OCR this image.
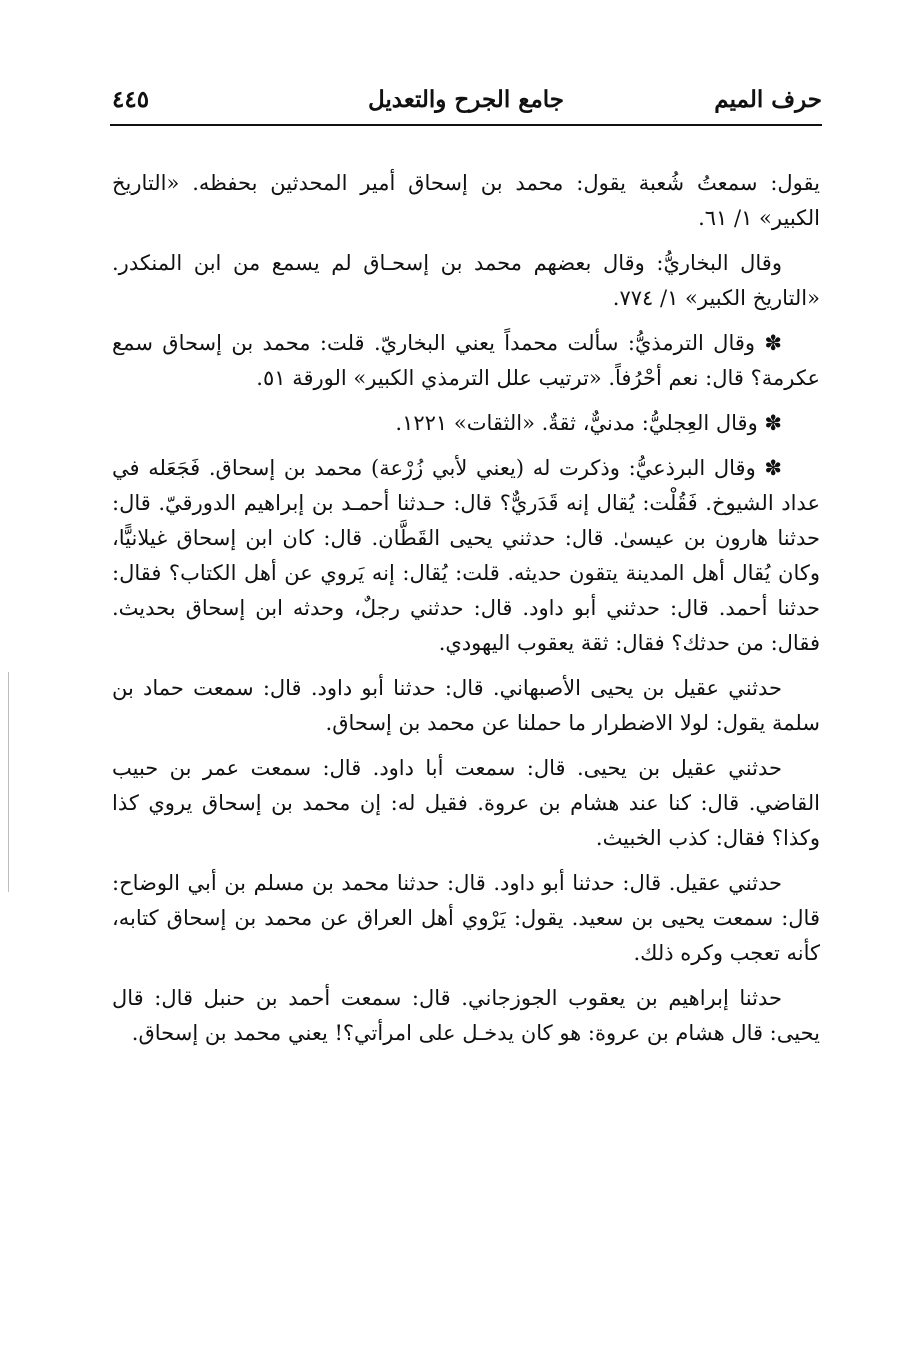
حرف الميم
جامع الجرح والتعديل
٤٤٥

يقول: سمعتُ شُعبة يقول: محمد بن إسحاق أمير المحدثين بحفظه. «التاريخ الكبير» ١/ ٦١.

وقال البخاريُّ: وقال بعضهم محمد بن إسحـاق لم يسمع من ابن المنكدر. «التاريخ الكبير» ١/ ٧٧٤.

✽ وقال الترمذيُّ: سألت محمداً يعني البخاريّ. قلت: محمد بن إسحاق سمع عكرمة؟ قال: نعم أحْرُفاً. «ترتيب علل الترمذي الكبير» الورقة ٥١.

✽ وقال العِجليُّ: مدنيٌّ، ثقةٌ. «الثقات» ١٢٢١.

✽ وقال البرذعيُّ: وذكرت له (يعني لأبي زُرْعة) محمد بن إسحاق. فَجَعَله في عداد الشيوخ. فَقُلْت: يُقال إنه قَدَريٌّ؟ قال: حـدثنا أحمـد بن إبراهيم الدورقيّ. قال: حدثنا هارون بن عيسىٰ. قال: حدثني يحيى القَطَّان. قال: كان ابن إسحاق غيلانيًّا، وكان يُقال أهل المدينة يتقون حديثه. قلت: يُقال: إنه يَروي عن أهل الكتاب؟ فقال: حدثنا أحمد. قال: حدثني أبو داود. قال: حدثني رجلٌ، وحدثه ابن إسحاق بحديث. فقال: من حدثك؟ فقال: ثقة يعقوب اليهودي.

حدثني عقيل بن يحيى الأصبهاني. قال: حدثنا أبو داود. قال: سمعت حماد بن سلمة يقول: لولا الاضطرار ما حملنا عن محمد بن إسحاق.

حدثني عقيل بن يحيى. قال: سمعت أبا داود. قال: سمعت عمر بن حبيب القاضي. قال: كنا عند هشام بن عروة. فقيل له: إن محمد بن إسحاق يروي كذا وكذا؟ فقال: كذب الخبيث.

حدثني عقيل. قال: حدثنا أبو داود. قال: حدثنا محمد بن مسلم بن أبي الوضاح: قال: سمعت يحيى بن سعيد. يقول: يَرْوي أهل العراق عن محمد بن إسحاق كتابه، كأنه تعجب وكره ذلك.

حدثنا إبراهيم بن يعقوب الجوزجاني. قال: سمعت أحمد بن حنبل قال: قال يحيى: قال هشام بن عروة: هو كان يدخـل على امرأتي؟! يعني محمد بن إسحاق.
